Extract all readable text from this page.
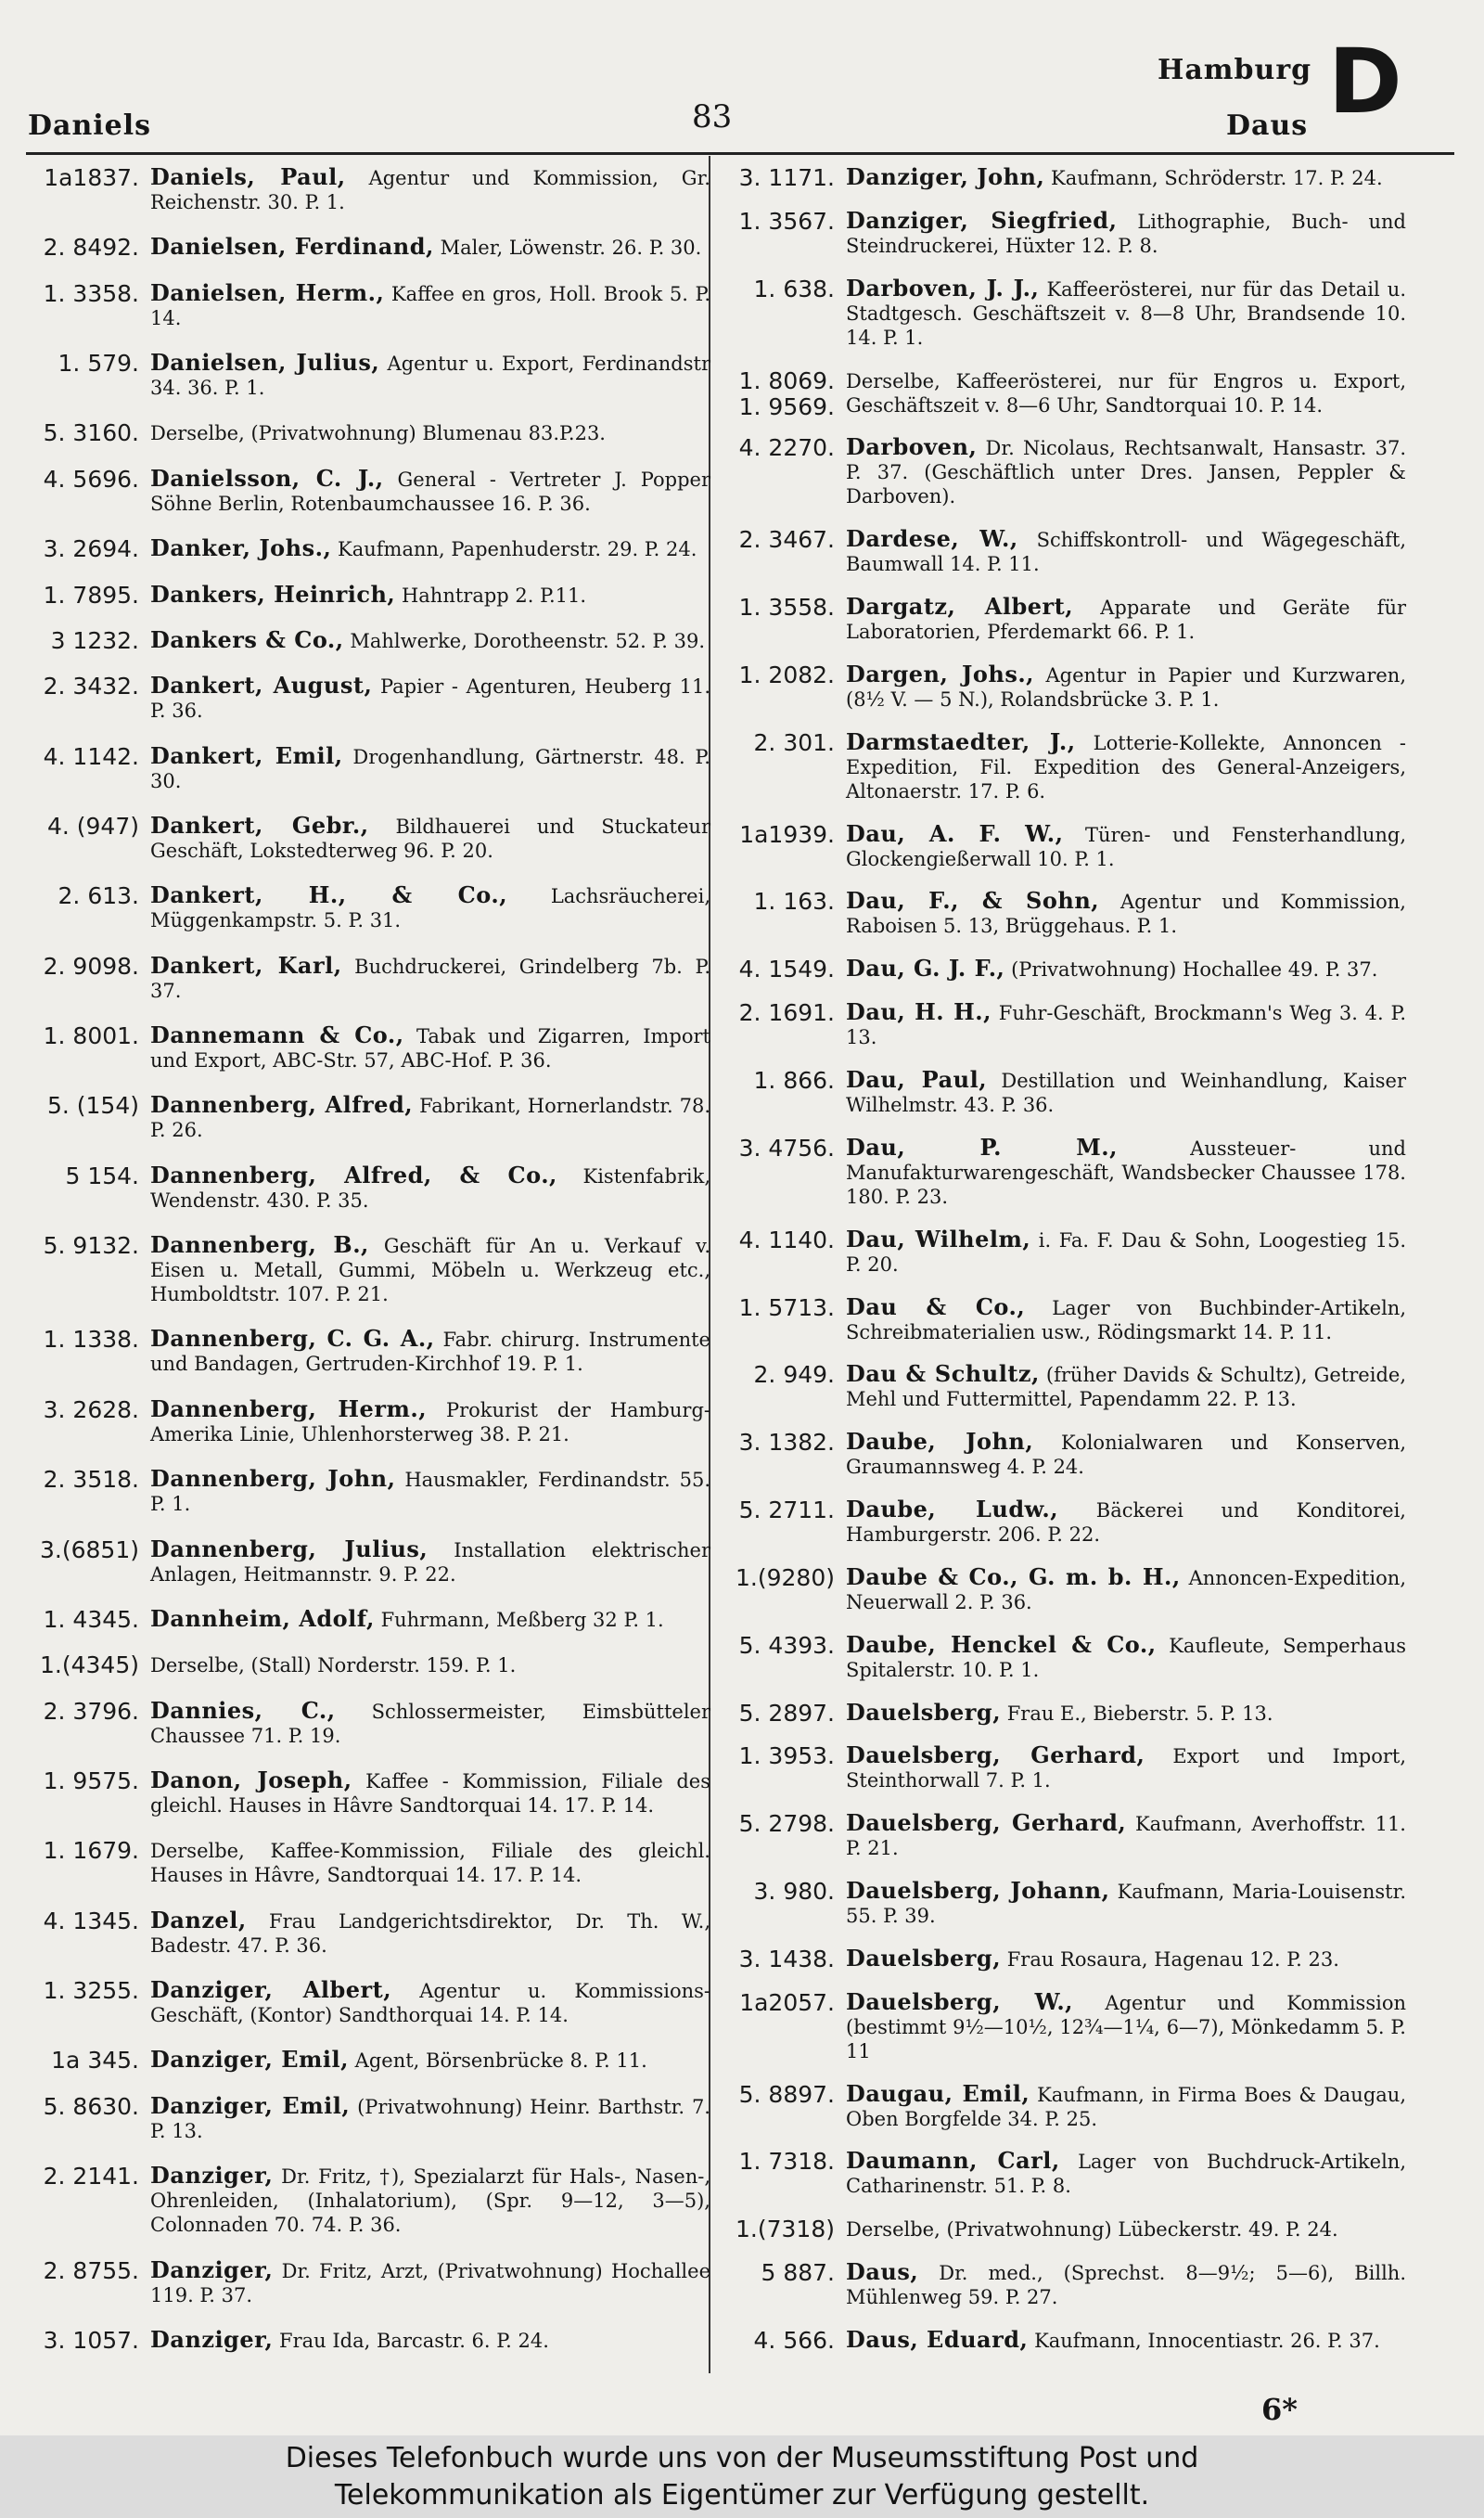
Daniels	83
Hamburg
Daus D
1a1837. Daniels, Paul, Agentur und Kommission, Gr. Reichenstr. 30. P. 1.
2. 8492. Danielsen, Ferdinand, Maler, Löwenstr. 26. P. 30.
1. 3358. Danielsen, Herm., Kaffee en gros, Holl. Brook 5. P. 14.
1. 579. Danielsen, Julius, Agentur u. Export, Ferdinandstr 34. 36. P. 1.
5. 3160. Derselbe, (Privatwohnung) Blumenau 83.P.23.
4. 5696. Danielsson, C. J., General - Vertreter J. Popper Söhne Berlin, Rotenbaumchaussee 16. P. 36.
3. 2694. Danker, Johs., Kaufmann, Papenhuderstr. 29. P. 24.
1. 7895. Dankers, Heinrich, Hahntrapp 2. P.11.
3 1232. Dankers & Co., Mahlwerke, Dorotheenstr. 52. P. 39.
2. 3432. Dankert, August, Papier - Agenturen, Heuberg 11. P. 36.
4. 1142. Dankert, Emil, Drogenhandlung, Gärtnerstr. 48. P. 30.
4. (947) Dankert, Gebr., Bildhauerei und Stuckateur Geschäft, Lokstedterweg 96. P. 20.
2. 613. Dankert, H., & Co., Lachsräucherei, Müggenkampstr. 5. P. 31.
2. 9098. Dankert, Karl, Buchdruckerei, Grindelberg 7b. P. 37.
1. 8001. Dannemann & Co., Tabak und Zigarren, Import und Export, ABC-Str. 57, ABC-Hof. P. 36.
5. (154) Dannenberg, Alfred, Fabrikant, Hornerlandstr. 78. P. 26.
5 154. Dannenberg, Alfred, & Co., Kistenfabrik, Wendenstr. 430. P. 35.
5. 9132. Dannenberg, B., Geschäft für An u. Verkauf v. Eisen u. Metall, Gummi, Möbeln u. Werkzeug etc., Humboldtstr. 107. P. 21.
1. 1338. Dannenberg, C. G. A., Fabr. chirurg. Instrumente und Bandagen, Gertruden-Kirchhof 19. P. 1.
3. 2628. Dannenberg, Herm., Prokurist der Hamburg-Amerika Linie, Uhlenhorsterweg 38. P. 21.
2. 3518. Dannenberg, John, Hausmakler, Ferdinandstr. 55. P. 1.
3.(6851) Dannenberg, Julius, Installation elektrischer Anlagen, Heitmannstr. 9. P. 22.
1. 4345. Dannheim, Adolf, Fuhrmann, Meßberg 32 P. 1.
1.(4345) Derselbe, (Stall) Norderstr. 159. P. 1.
2. 3796. Dannies, C., Schlossermeister, Eimsbütteler Chaussee 71. P. 19.
1. 9575. Danon, Joseph, Kaffee - Kommission, Filiale des gleichl. Hauses in Hâvre Sandtorquai 14. 17. P. 14.
1. 1679. Derselbe, Kaffee-Kommission, Filiale des gleichl. Hauses in Hâvre, Sandtorquai 14. 17. P. 14.
4. 1345. Danzel, Frau Landgerichtsdirektor, Dr. Th. W., Badestr. 47. P. 36.
1. 3255. Danziger, Albert, Agentur u. Kommissions-Geschäft, (Kontor) Sandthorquai 14. P. 14.
1a 345. Danziger, Emil, Agent, Börsenbrücke 8. P. 11.
5. 8630. Danziger, Emil, (Privatwohnung) Heinr. Barthstr. 7. P. 13.
2. 2141. Danziger, Dr. Fritz, †), Spezialarzt für Hals-, Nasen-, Ohrenleiden, (Inhalatorium), (Spr. 9—12, 3—5), Colonnaden 70. 74. P. 36.
2. 8755. Danziger, Dr. Fritz, Arzt, (Privatwohnung) Hochallee 119. P. 37.
3. 1057. Danziger, Frau Ida, Barcastr. 6. P. 24.
3. 1171. Danziger, John, Kaufmann, Schröderstr. 17. P. 24.
1. 3567. Danziger, Siegfried, Lithographie, Buch- und Steindruckerei, Hüxter 12. P. 8.
1. 638. Darboven, J. J., Kaffeerösterei, nur für das Detail u. Stadtgesch. Geschäftszeit v. 8—8 Uhr, Brandsende 10. 14. P. 1.
1. 8069. 1. 9569.
Derselbe, Kaffeerösterei, nur für Engros u. Export, Geschäftszeit v. 8—6 Uhr, Sandtorquai 10. P. 14.
4. 2270. Darboven, Dr. Nicolaus, Rechtsanwalt, Hansastr. 37. P. 37. (Geschäftlich unter Dres. Jansen, Peppler & Darboven).
2. 3467. Dardese, W., Schiffskontroll- und Wägegeschäft, Baumwall 14. P. 11.
1. 3558. Dargatz, Albert, Apparate und Geräte für Laboratorien, Pferdemarkt 66. P. 1.
1. 2082. Dargen, Johs., Agentur in Papier und Kurzwaren, (8½ V. — 5 N.), Rolandsbrücke 3. P. 1.
2. 301. Darmstaedter, J., Lotterie-Kollekte, Annoncen - Expedition, Fil. Expedition des General-Anzeigers, Altonaerstr. 17. P. 6.
1a1939. Dau, A. F. W., Türen- und Fensterhandlung, Glockengießerwall 10. P. 1.
1. 163. Dau, F., & Sohn, Agentur und Kommission, Raboisen 5. 13, Brüggehaus. P. 1.
4. 1549. Dau, G. J. F., (Privatwohnung) Hochallee 49. P. 37.
2. 1691. Dau, H. H., Fuhr-Geschäft, Brockmann's Weg 3. 4. P. 13.
1. 866. Dau, Paul, Destillation und Weinhandlung, Kaiser Wilhelmstr. 43. P. 36.
3. 4756. Dau, P. M., Aussteuer- und Manufakturwarengeschäft, Wandsbecker Chaussee 178. 180. P. 23.
4. 1140. Dau, Wilhelm, i. Fa. F. Dau & Sohn, Loogestieg 15. P. 20.
1. 5713. Dau & Co., Lager von Buchbinder-Artikeln, Schreibmaterialien usw., Rödingsmarkt 14. P. 11.
2. 949. Dau & Schultz, (früher Davids & Schultz), Getreide, Mehl und Futtermittel, Papendamm 22. P. 13.
3. 1382. Daube, John, Kolonialwaren und Konserven, Graumannsweg 4. P. 24.
5. 2711. Daube, Ludw., Bäckerei und Konditorei, Hamburgerstr. 206. P. 22.
1.(9280) Daube & Co., G. m. b. H., Annoncen-Expedition, Neuerwall 2. P. 36.
5. 4393. Daube, Henckel & Co., Kaufleute, Semperhaus Spitalerstr. 10. P. 1.
5. 2897. Dauelsberg, Frau E., Bieberstr. 5. P. 13.
1. 3953. Dauelsberg, Gerhard, Export und Import, Steinthorwall 7. P. 1.
5. 2798. Dauelsberg, Gerhard, Kaufmann, Averhoffstr. 11. P. 21.
3. 980. Dauelsberg, Johann, Kaufmann, Maria-Louisenstr. 55. P. 39.
3. 1438. Dauelsberg, Frau Rosaura, Hagenau 12. P. 23.
1a2057. Dauelsberg, W., Agentur und Kommission (bestimmt 9½—10½, 12¾—1¼, 6—7), Mönkedamm 5. P. 11
5. 8897. Daugau, Emil, Kaufmann, in Firma Boes & Daugau, Oben Borgfelde 34. P. 25.
1. 7318. Daumann, Carl, Lager von Buchdruck-Artikeln, Catharinenstr. 51. P. 8.
1.(7318) Derselbe, (Privatwohnung) Lübeckerstr. 49. P. 24.
5 887. Daus, Dr. med., (Sprechst. 8—9½; 5—6), Billh. Mühlenweg 59. P. 27.
4. 566. Daus, Eduard, Kaufmann, Innocentiastr. 26. P. 37.
6*
Dieses Telefonbuch wurde uns von der Museumsstiftung Post und
Telekommunikation als Eigentümer zur Verfügung gestellt.
